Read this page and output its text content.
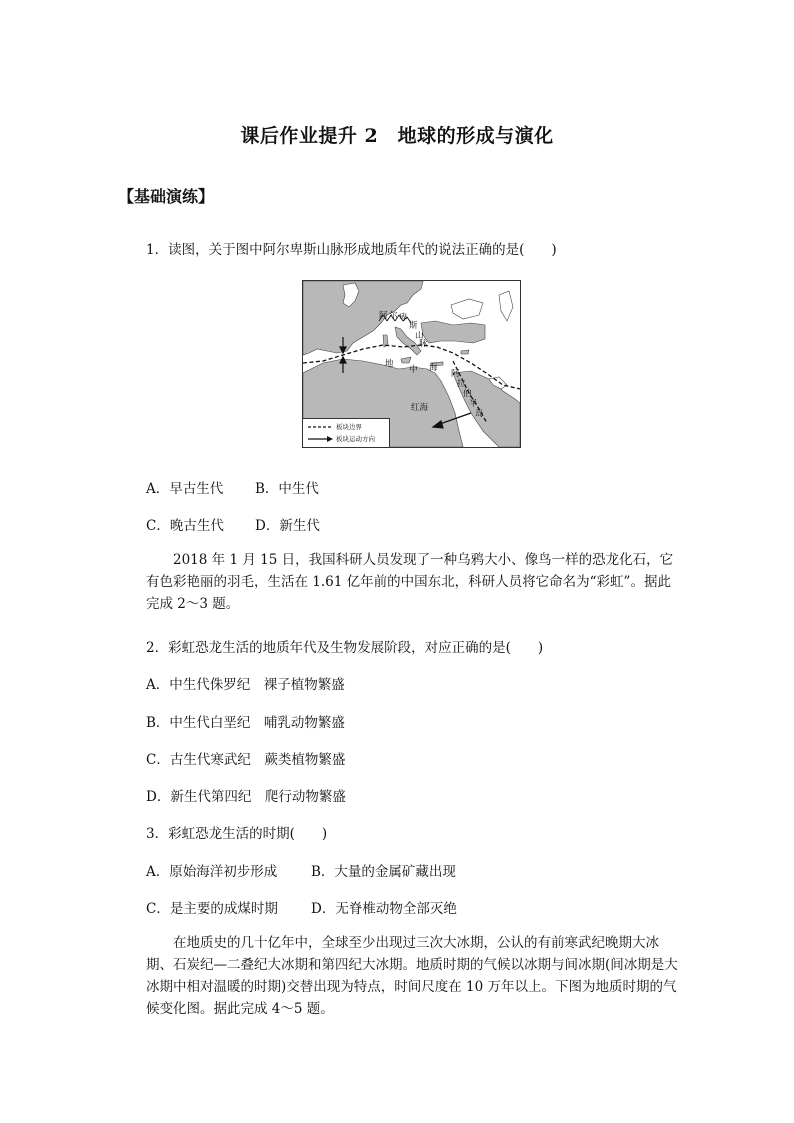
课后作业提升 2　地球的形成与演化
【基础演练】
1．读图，关于图中阿尔卑斯山脉形成地质年代的说法正确的是(　　)
阿 尔 卑
斯
山
脉
地
中 海
阿
拉
伯
半
岛
红海
板块边界
板块运动方向
A．早古生代 B．中生代
C．晚古生代 D．新生代
2018 年 1 月 15 日，我国科研人员发现了一种乌鸦大小、像鸟一样的恐龙化石，它有色彩艳丽的羽毛，生活在 1.61 亿年前的中国东北，科研人员将它命名为“彩虹”。据此完成 2～3 题。
2．彩虹恐龙生活的地质年代及生物发展阶段，对应正确的是(　　)
A．中生代侏罗纪　裸子植物繁盛
B．中生代白垩纪　哺乳动物繁盛
C．古生代寒武纪　蕨类植物繁盛
D．新生代第四纪　爬行动物繁盛
3．彩虹恐龙生活的时期(　　)
A．原始海洋初步形成	B．大量的金属矿藏出现
C．是主要的成煤时期 D．无脊椎动物全部灭绝
在地质史的几十亿年中，全球至少出现过三次大冰期，公认的有前寒武纪晚期大冰期、石炭纪—二叠纪大冰期和第四纪大冰期。地质时期的气候以冰期与间冰期(间冰期是大冰期中相对温暖的时期)交替出现为特点，时间尺度在 10 万年以上。下图为地质时期的气候变化图。据此完成 4～5 题。
